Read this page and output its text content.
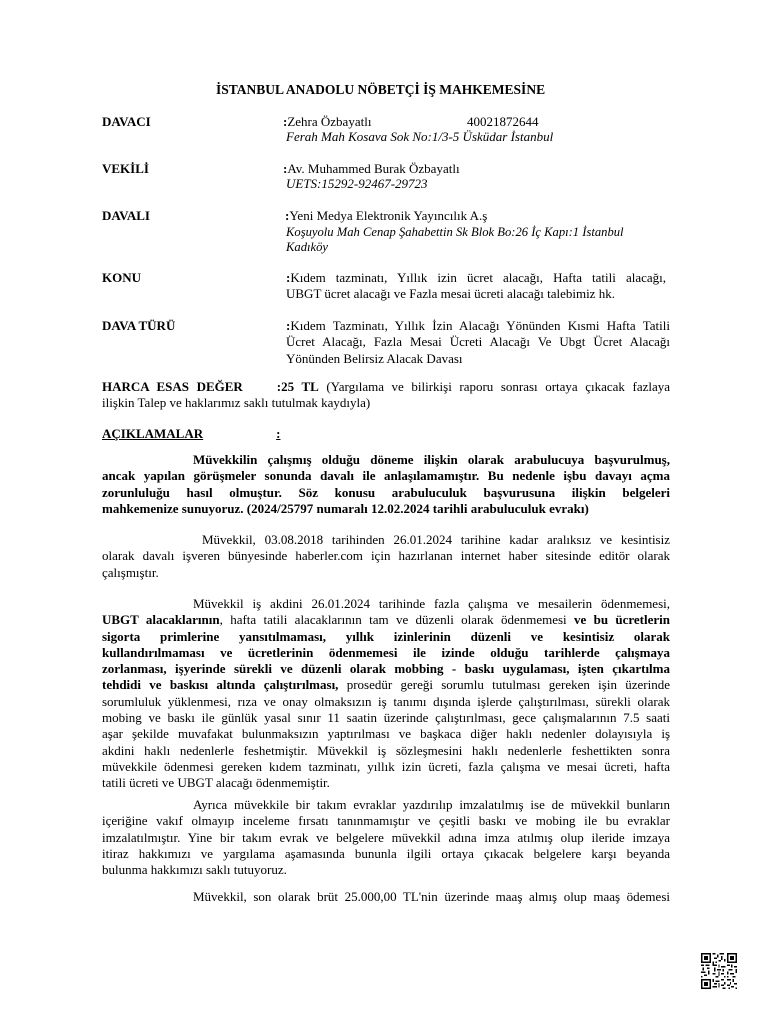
İSTANBUL ANADOLU NÖBETÇİ İŞ MAHKEMESİNE
DAVACI	:Zehra Özbayatlı	40021872644
Ferah Mah Kosava Sok No:1/3-5 Üsküdar İstanbul
VEKİLİ	:Av. Muhammed Burak Özbayatlı
UETS:15292-92467-29723
DAVALI	:Yeni Medya Elektronik Yayıncılık A.ş
Koşuyolu Mah Cenap Şahabettin Sk Blok Bo:26 İç Kapı:1 İstanbul
Kadıköy
KONU	:Kıdem tazminatı, Yıllık izin ücret alacağı, Hafta tatili alacağı,
UBGT ücret alacağı ve Fazla mesai ücreti alacağı talebimiz hk.
DAVA TÜRÜ	:Kıdem Tazminatı, Yıllık İzin Alacağı Yönünden Kısmi Hafta Tatili
Ücret Alacağı, Fazla Mesai Ücreti Alacağı Ve Ubgt Ücret Alacağı
Yönünden Belirsiz Alacak Davası
HARCA ESAS DEĞER	:25 TL (Yargılama ve bilirkişi raporu sonrası ortaya çıkacak fazlaya
ilişkin Talep ve haklarımız saklı tutulmak kaydıyla)
AÇIKLAMALAR	:
Müvekkilin çalışmış olduğu döneme ilişkin olarak arabulucuya başvurulmuş,
ancak yapılan görüşmeler sonunda davalı ile anlaşılamamıştır. Bu nedenle işbu davayı açma
zorunluluğu hasıl olmuştur. Söz konusu arabuluculuk başvurusuna ilişkin belgeleri
mahkemenize sunuyoruz. (2024/25797 numaralı 12.02.2024 tarihli arabuluculuk evrakı)
Müvekkil, 03.08.2018 tarihinden 26.01.2024 tarihine kadar aralıksız ve kesintisiz
olarak davalı işveren bünyesinde haberler.com için hazırlanan internet haber sitesinde editör olarak
çalışmıştır.
Müvekkil iş akdini 26.01.2024 tarihinde fazla çalışma ve mesailerin ödenmemesi,
UBGT alacaklarının, hafta tatili alacaklarının tam ve düzenli olarak ödenmemesi ve bu ücretlerin
sigorta primlerine yansıtılmaması, yıllık izinlerinin düzenli ve kesintisiz olarak
kullandırılmaması ve ücretlerinin ödenmemesi ile izinde olduğu tarihlerde çalışmaya
zorlanması, işyerinde sürekli ve düzenli olarak mobbing - baskı uygulaması, işten çıkartılma
tehdidi ve baskısı altında çalıştırılması, prosedür gereği sorumlu tutulması gereken işin üzerinde
sorumluluk yüklenmesi, rıza ve onay olmaksızın iş tanımı dışında işlerde çalıştırılması, sürekli olarak
mobing ve baskı ile günlük yasal sınır 11 saatin üzerinde çalıştırılması, gece çalışmalarının 7.5 saati
aşar şekilde muvafakat bulunmaksızın yaptırılması ve başkaca diğer haklı nedenler dolayısıyla iş
akdini haklı nedenlerle feshetmiştir. Müvekkil iş sözleşmesini haklı nedenlerle feshettikten sonra
müvekkile ödenmesi gereken kıdem tazminatı, yıllık izin ücreti, fazla çalışma ve mesai ücreti, hafta
tatili ücreti ve UBGT alacağı ödenmemiştir.
Ayrıca müvekkile bir takım evraklar yazdırılıp imzalatılmış ise de müvekkil bunların
içeriğine vakıf olmayıp inceleme fırsatı tanınmamıştır ve çeşitli baskı ve mobing ile bu evraklar
imzalatılmıştır. Yine bir takım evrak ve belgelere müvekkil adına imza atılmış olup ileride imzaya
itiraz hakkımızı ve yargılama aşamasında bununla ilgili ortaya çıkacak belgelere karşı beyanda
bulunma hakkımızı saklı tutuyoruz.
Müvekkil, son olarak brüt 25.000,00 TL'nin üzerinde maaş almış olup maaş ödemesi
